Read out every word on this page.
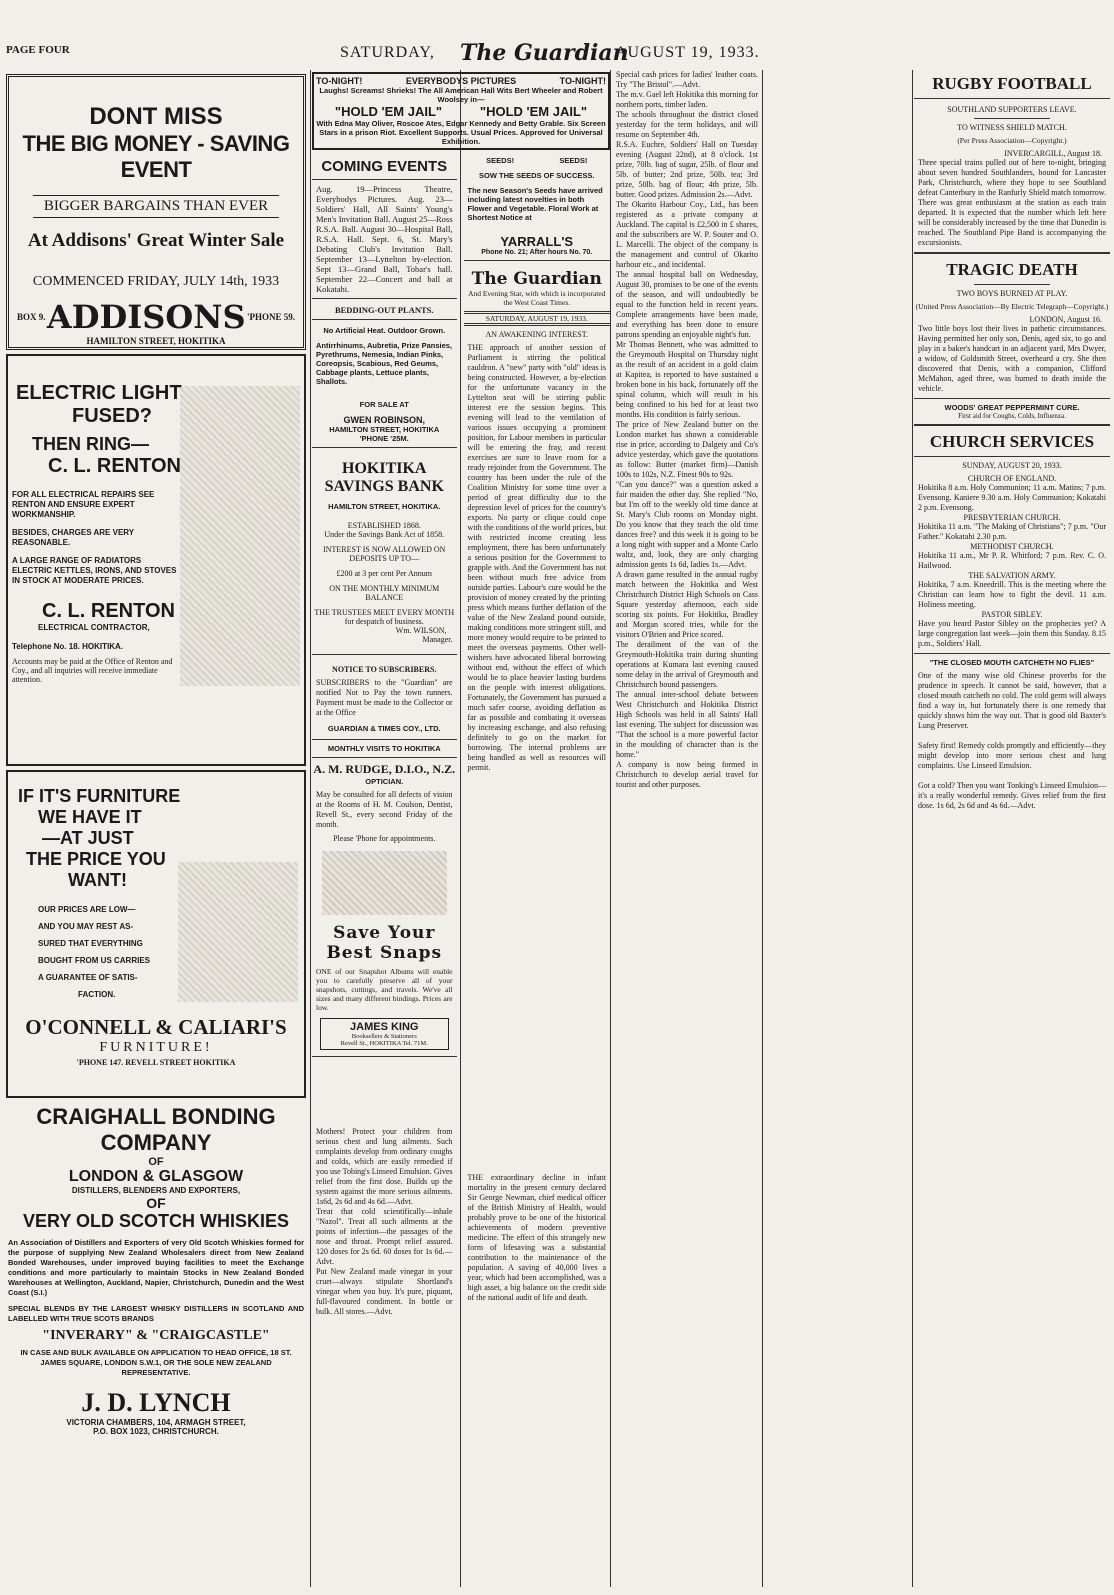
PAGE FOUR	SATURDAY, The Guardian
AUGUST 19, 1933.
DONT MISS
THE BIG MONEY - SAVING EVENT
BIGGER BARGAINS THAN EVER
At Addisons' Great Winter Sale
COMMENCED FRIDAY, JULY 14th, 1933
BOX 9. ADDISONS 'PHONE 59.
HAMILTON STREET, HOKITIKA
ELECTRIC LIGHT
FUSED?
THEN RING—
C. L. RENTON
FOR ALL ELECTRICAL REPAIRS SEE RENTON AND ENSURE EXPERT WORKMANSHIP.
BESIDES, CHARGES ARE VERY REASONABLE.
A LARGE RANGE OF RADIATORS ELECTRIC KETTLES, IRONS, AND STOVES IN STOCK AT MODERATE PRICES.
C. L. RENTON
ELECTRICAL CONTRACTOR,
Telephone No. 18. HOKITIKA.
Accounts may be paid at the Office of Renton and Coy., and all inquiries will receive immediate attention.
IF IT'S FURNITURE
WE HAVE IT
—AT JUST
THE PRICE YOU
WANT!
OUR PRICES ARE LOW—
AND YOU MAY REST AS-
SURED THAT EVERYTHING
BOUGHT FROM US CARRIES
A GUARANTEE OF SATIS-
FACTION.
O'CONNELL & CALIARI'S
FURNITURE!
'PHONE 147. REVELL STREET HOKITIKA
CRAIGHALL BONDING
COMPANY
OF
LONDON & GLASGOW
DISTILLERS, BLENDERS AND EXPORTERS,
OF
VERY OLD SCOTCH WHISKIES
An Association of Distillers and Exporters of very Old Scotch Whiskies formed for the purpose of supplying New Zealand Wholesalers direct from New Zealand Bonded Warehouses, under improved buying facilities to meet the Exchange conditions and more particularly to maintain Stocks in New Zealand Bonded Warehouses at Wellington, Auckland, Napier, Christchurch, Dunedin and the West Coast (S.I.)
SPECIAL BLENDS BY THE LARGEST WHISKY DISTILLERS IN SCOTLAND AND LABELLED WITH TRUE SCOTS BRANDS
"INVERARY" & "CRAIGCASTLE"
IN CASE AND BULK AVAILABLE ON APPLICATION TO HEAD OFFICE, 18 ST. JAMES SQUARE, LONDON S.W.1, OR THE SOLE NEW ZEALAND REPRESENTATIVE.
J. D. LYNCH
VICTORIA CHAMBERS, 104, ARMAGH STREET,
P.O. BOX 1023, CHRISTCHURCH.
TO-NIGHT!	EVERYBODYS PICTURES	TO-NIGHT!
Laughs! Screams! Shrieks! The All American Hall Wits Bert Wheeler and Robert Woolsey in—
"HOLD 'EM JAIL"	"HOLD 'EM JAIL"
With Edna May Oliver, Roscoe Ates, Edgar Kennedy and Betty Grable. Six Screen Stars in a prison Riot. Excellent Supports. Usual Prices. Approved for Universal Exhibition.
COMING EVENTS
Aug. 19—Princess Theatre, Everybodys Pictures. Aug. 23—Soldiers' Hall, All Saints' Young's Men's Invitation Ball. August 25—Ross R.S.A. Ball. August 30—Hospital Ball, R.S.A. Hall. Sept. 6, St. Mary's Debating Club's Invitation Ball. September 13—Lyttelton by-election. Sept 13—Grand Ball, Tobar's hall. September 22—Concert and ball at Kokatahi.
BEDDING-OUT PLANTS.
No Artificial Heat. Outdoor Grown.
Antirrhinums, Aubretia, Prize Pansies, Pyrethrums, Nemesia, Indian Pinks, Coreopsis, Scabious, Red Geums, Cabbage plants, Lettuce plants, Shallots.
FOR SALE AT
GWEN ROBINSON,
HAMILTON STREET, HOKITIKA
'PHONE '25M.
HOKITIKA
SAVINGS BANK
HAMILTON STREET, HOKITIKA.
ESTABLISHED 1868.
Under the Savings Bank Act of 1858.
INTEREST IS NOW ALLOWED ON DEPOSITS UP TO—
£200 at 3 per cent Per Annum
ON THE MONTHLY MINIMUM BALANCE
THE TRUSTEES MEET EVERY MONTH for despatch of business.
Wm. WILSON,
Manager.
NOTICE TO SUBSCRIBERS.
SUBSCRIBERS to the "Guardian" are notified Not to Pay the town runners. Payment must be made to the Collector or at the Office
GUARDIAN & TIMES COY., LTD.
MONTHLY VISITS TO HOKITIKA
A. M. RUDGE, D.I.O., N.Z.
OPTICIAN.
May be consulted for all defects of vision at the Rooms of H. M. Coulson, Dentist, Revell St., every second Friday of the month.
Please 'Phone for appointments.
Save Your Best Snaps
ONE of our Snapshot Albums will enable you to carefully preserve all of your snapshots, cuttings, and travels. We've all sizes and many different bindings. Prices are low.
JAMES KING
Booksellers & Stationers
Revell St., HOKITIKA Tel. 71M.
Mothers! Protect your children from serious chest and lung ailments. Such complaints develop from ordinary coughs and colds, which are easily remedied if you use Tobing's Linseed Emulsion. Gives relief from the first dose. Builds up the system against the more serious ailments. 1s6d, 2s 6d and 4s 6d.—Advt.
Treat that cold scientifically—inhale "Nazol". Treat all such ailments at the points of infection—the passages of the nose and throat. Prompt relief assured. 120 doses for 2s 6d. 60 doses for 1s 6d.—Advt.
Put New Zealand made vinegar in your cruet—always stipulate Shortland's vinegar when you buy. It's pure, piquant, full-flavoured condiment. In bottle or bulk. All stores.—Advt.
SEEDS!	SEEDS!
SOW THE SEEDS OF SUCCESS.
The new Season's Seeds have arrived including latest novelties in both Flower and Vegetable. Floral Work at Shortest Notice at
YARRALL'S
Phone No. 21; After hours No. 70.
The Guardian
And Evening Star, with which is incorporated the West Coast Times.
SATURDAY, AUGUST 19, 1933.
AN AWAKENING INTEREST.
THE approach of another session of Parliament is stirring the political cauldron. A "new" party with "old" ideas is being constructed. However, a by-election for the unfortunate vacancy in the Lyttelton seat will be stirring public interest ere the session begins. This evening will lead to the ventilation of various issues occupying a prominent position, for Labour members in particular will be entering the fray, and recent exercises are sure to leave room for a ready rejoinder from the Government. The country has been under the rule of the Coalition Ministry for some time over a period of great difficulty due to the depression level of prices for the country's exports. No party or clique could cope with the conditions of the world prices, but with restricted income creating less employment, there has been unfortunately a serious position for the Government to grapple with. And the Government has not been without much free advice from outside parties. Labour's cure would be the provision of money created by the printing press which means further deflation of the value of the New Zealand pound outside, making conditions more stringent still, and more money would require to be printed to meet the overseas payments. Other well-wishers have advocated liberal borrowing without end, without the effect of which would be to place heavier lasting burdens on the people with interest obligations. Fortunately, the Government has pursued a much safer course, avoiding deflation as far as possible and combating it overseas by increasing exchange, and also refusing definitely to go on the market for borrowing. The internal problems are being handled as well as resources will permit.
THE extraordinary decline in infant mortality in the present century declared Sir George Newman, chief medical officer of the British Ministry of Health, would probably prove to be one of the historical achievements of modern preventive medicine. The effect of this strangely new form of lifesaving was a substantial contribution to the maintenance of the population. A saving of 40,000 lives a year, which had been accomplished, was a high asset, a big balance on the credit side of the national audit of life and death.
Special cash prices for ladies' leather coats. Try "The Bristol".—Advt.
The m.v. Gael left Hokitika this morning for northern ports, timber laden.
The schools throughout the district closed yesterday for the term holidays, and will resume on September 4th.
R.S.A. Euchre, Soldiers' Hall on Tuesday evening (August 22nd), at 8 o'clock. 1st prize, 70lb. bag of sugar, 25lb. of flour and 5lb. of butter; 2nd prize, 50lb. tea; 3rd prize, 50lb. bag of flour; 4th prize, 5lb. butter. Good prizes. Admission 2s.—Advt.
The Okarito Harbour Coy., Ltd., has been registered as a private company at Auckland. The capital is £2,500 in £ shares, and the subscribers are W. P. Souter and O. L. Marcelli. The object of the company is the management and control of Okarito harbour etc., and incidental.
The annual hospital ball on Wednesday, August 30, promises to be one of the events of the season, and will undoubtedly be equal to the function held in recent years. Complete arrangements have been made, and everything has been done to ensure patrons spending an enjoyable night's fun.
Mr Thomas Bennett, who was admitted to the Greymouth Hospital on Thursday night as the result of an accident in a gold claim at Kapitea, is reported to have sustained a broken bone in his back, fortunately off the spinal column, which will result in his being confined to his bed for at least two months. His condition is fairly serious.
The price of New Zealand butter on the London market has shown a considerable rise in price, according to Dalgety and Co's advice yesterday, which gave the quotations as follow: Butter (market firm)—Danish 100s to 102s, N.Z. Finest 90s to 92s.
"Can you dance?" was a question asked a fair maiden the other day. She replied "No, but I'm off to the weekly old time dance at St. Mary's Club rooms on Monday night. Do you know that they teach the old time dances free? and this week it is going to be a long night with supper and a Monte Carlo waltz, and, look, they are only charging admission gents 1s 6d, ladies 1s.—Advt.
A drawn game resulted in the annual rugby match between the Hokitika and West Christchurch District High Schools on Cass Square yesterday afternoon, each side scoring six points. For Hokitika, Bradley and Morgan scored tries, while for the visitors O'Brien and Price scored.
The derailment of the van of the Greymouth-Hokitika train during shunting operations at Kumara last evening caused some delay in the arrival of Greymouth and Christchurch bound passengers.
The annual inter-school debate between West Christchurch and Hokitika District High Schools was held in all Saints' Hall last evening. The subject for discussion was "That the school is a more powerful factor in the moulding of character than is the home."
A company is now being formed in Christchurch to develop aerial travel for tourist and other purposes.
RUGBY FOOTBALL
SOUTHLAND SUPPORTERS LEAVE.
TO WITNESS SHIELD MATCH.
(Per Press Association—Copyright.)
INVERCARGILL, August 18.
Three special trains pulled out of here to-night, bringing about seven hundred Southlanders, bound for Lancaster Park, Christchurch, where they hope to see Southland defeat Canterbury in the Ranfurly Shield match tomorrow. There was great enthusiasm at the station as each train departed. It is expected that the number which left here will be considerably increased by the time that Dunedin is reached. The Southland Pipe Band is accompanying the excursionists.
TRAGIC DEATH
TWO BOYS BURNED AT PLAY.
(United Press Association—By Electric Telegraph—Copyright.)
LONDON, August 16.
Two little boys lost their lives in pathetic circumstances. Having permitted her only son, Denis, aged six, to go and play in a baker's handcart in an adjacent yard, Mrs Dwyer, a widow, of Goldsmith Street, overheard a cry. She then discovered that Denis, with a companion, Clifford McMahon, aged three, was burned to death inside the vehicle.
WOODS' GREAT PEPPERMINT CURE.
First aid for Coughs, Colds, Influenza.
CHURCH SERVICES
SUNDAY, AUGUST 20, 1933.
CHURCH OF ENGLAND.
Hokitika 8 a.m. Holy Communion; 11 a.m. Matins; 7 p.m. Evensong. Kaniere 9.30 a.m. Holy Communion; Kokatahi 2 p.m. Evensong.
PRESBYTERIAN CHURCH.
Hokitika 11 a.m. "The Making of Christians"; 7 p.m. "Our Father." Kokatahi 2.30 p.m.
METHODIST CHURCH.
Hokitika 11 a.m., Mr P. R. Whitford; 7 p.m. Rev. C. O. Hailwood.
THE SALVATION ARMY.
Hokitika, 7 a.m. Kneedrill. This is the meeting where the Christian can learn how to fight the devil. 11 a.m. Holiness meeting.
PASTOR SIBLEY.
Have you heard Pastor Sibley on the prophecies yet? A large congregation last week—join them this Sunday. 8.15 p.m., Soldiers' Hall.
"THE CLOSED MOUTH CATCHETH NO FLIES"
One of the many wise old Chinese proverbs for the prudence in speech. It cannot be said, however, that a closed mouth catcheth no cold. The cold germ will always find a way in, but fortunately there is one remedy that quickly shows him the way out. That is good old Baxter's Lung Preserver.
Safety first! Remedy colds promptly and efficiently—they might develop into more serious chest and lung complaints. Use Linseed Emulsion.
Got a cold? Then you want Tonking's Linseed Emulsion—it's a really wonderful remedy. Gives relief from the first dose. 1s 6d, 2s 6d and 4s 6d.—Advt.
